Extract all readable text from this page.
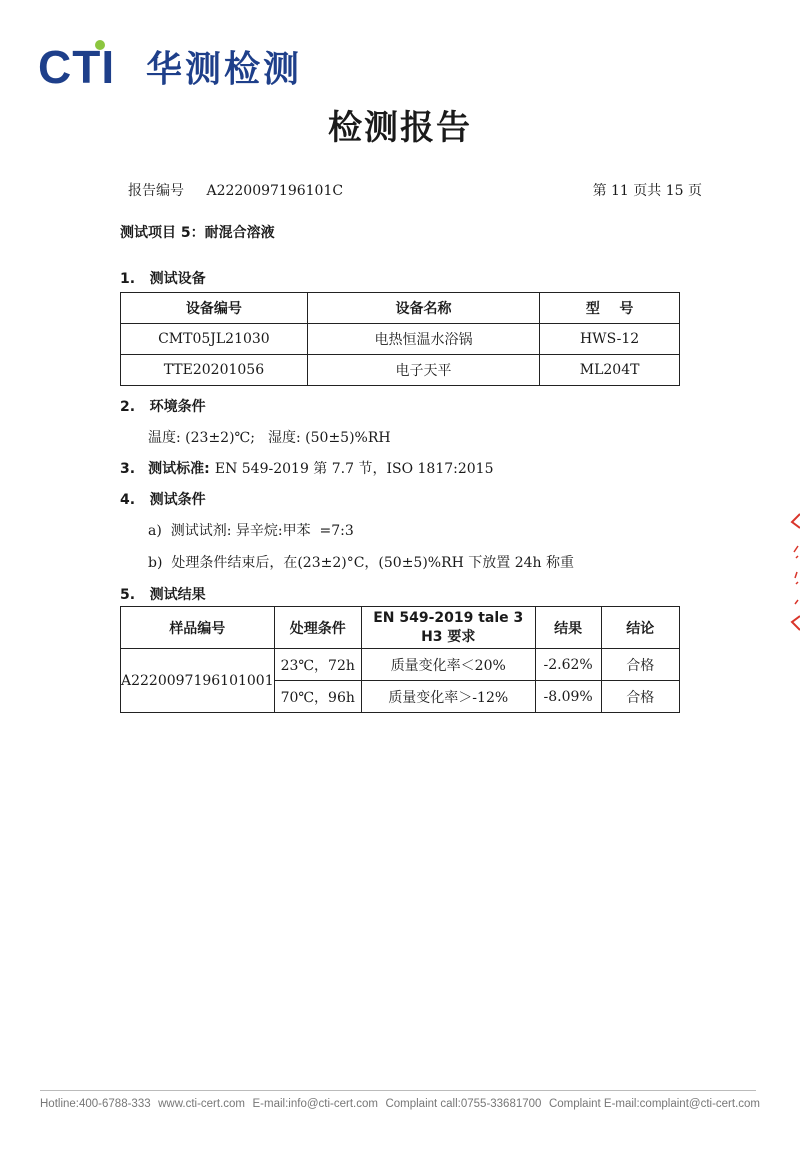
CTI 华测检测
检测报告
报告编号 A2220097196101C	第 11 页共 15 页
测试项目 5：耐混合溶液
1.   测试设备
设备编号	设备名称	型    号
CMT05JL21030	电热恒温水浴锅	HWS-12
TTE20201056	电子天平	ML204T
2.   环境条件
温度: (23±2)℃; 湿度: (50±5)%RH
3. 测试标准: EN 549-2019 第 7.7 节，ISO 1817:2015
4.   测试条件
a)  测试试剂: 异辛烷:甲苯  =7:3
b)  处理条件结束后，在(23±2)°C，(50±5)%RH 下放置 24h 称重
5.   测试结果
样品编号	处理条件	EN 549-2019 tale 3 H3 要求	结果	结论
A2220097196101001	23℃，72h	质量变化率＜20%	-2.62%	合格
	70℃，96h	质量变化率＞-12%	-8.09%	合格
Hotline:400-6788-333 www.cti-cert.com E-mail:info@cti-cert.com Complaint call:0755-33681700 Complaint E-mail:complaint@cti-cert.com
